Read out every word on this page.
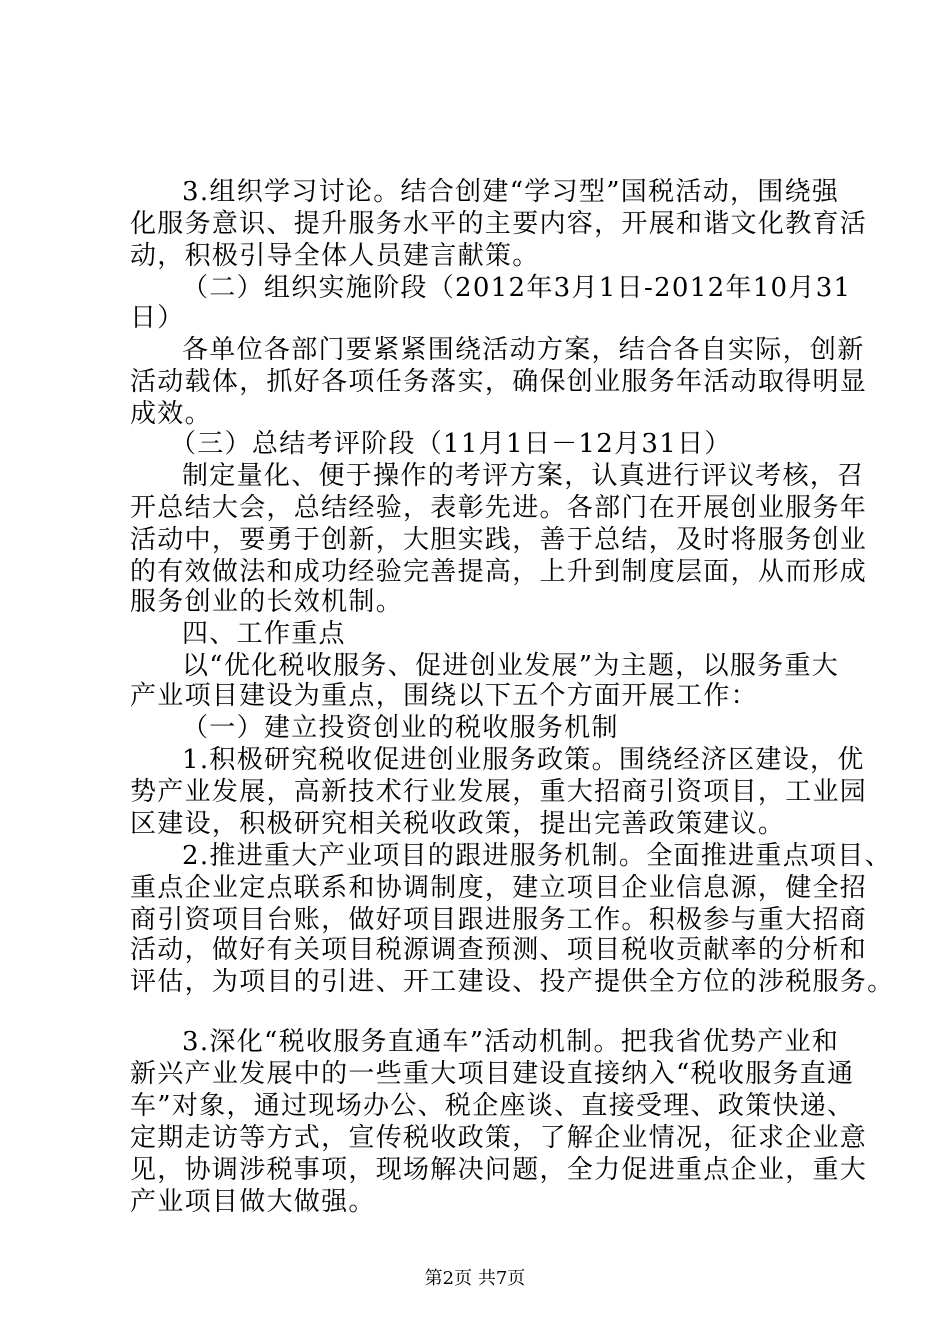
3.组织学习讨论。结合创建“学习型”国税活动，围绕强
化服务意识、提升服务水平的主要内容，开展和谐文化教育活
动，积极引导全体人员建言献策。
（二）组织实施阶段（2012年3月1日-2012年10月31
日）
各单位各部门要紧紧围绕活动方案，结合各自实际，创新
活动载体，抓好各项任务落实，确保创业服务年活动取得明显
成效。
（三）总结考评阶段（11月1日－12月31日）
制定量化、便于操作的考评方案，认真进行评议考核，召
开总结大会，总结经验，表彰先进。各部门在开展创业服务年
活动中，要勇于创新，大胆实践，善于总结，及时将服务创业
的有效做法和成功经验完善提高，上升到制度层面，从而形成
服务创业的长效机制。
四、工作重点
以“优化税收服务、促进创业发展”为主题，以服务重大
产业项目建设为重点，围绕以下五个方面开展工作：
（一）建立投资创业的税收服务机制
1.积极研究税收促进创业服务政策。围绕经济区建设，优
势产业发展，高新技术行业发展，重大招商引资项目，工业园
区建设，积极研究相关税收政策，提出完善政策建议。
2.推进重大产业项目的跟进服务机制。全面推进重点项目、
重点企业定点联系和协调制度，建立项目企业信息源，健全招
商引资项目台账，做好项目跟进服务工作。积极参与重大招商
活动，做好有关项目税源调查预测、项目税收贡献率的分析和
评估，为项目的引进、开工建设、投产提供全方位的涉税服务。
3.深化“税收服务直通车”活动机制。把我省优势产业和
新兴产业发展中的一些重大项目建设直接纳入“税收服务直通
车”对象，通过现场办公、税企座谈、直接受理、政策快递、
定期走访等方式，宣传税收政策，了解企业情况，征求企业意
见，协调涉税事项，现场解决问题，全力促进重点企业，重大
产业项目做大做强。
第2页 共7页
